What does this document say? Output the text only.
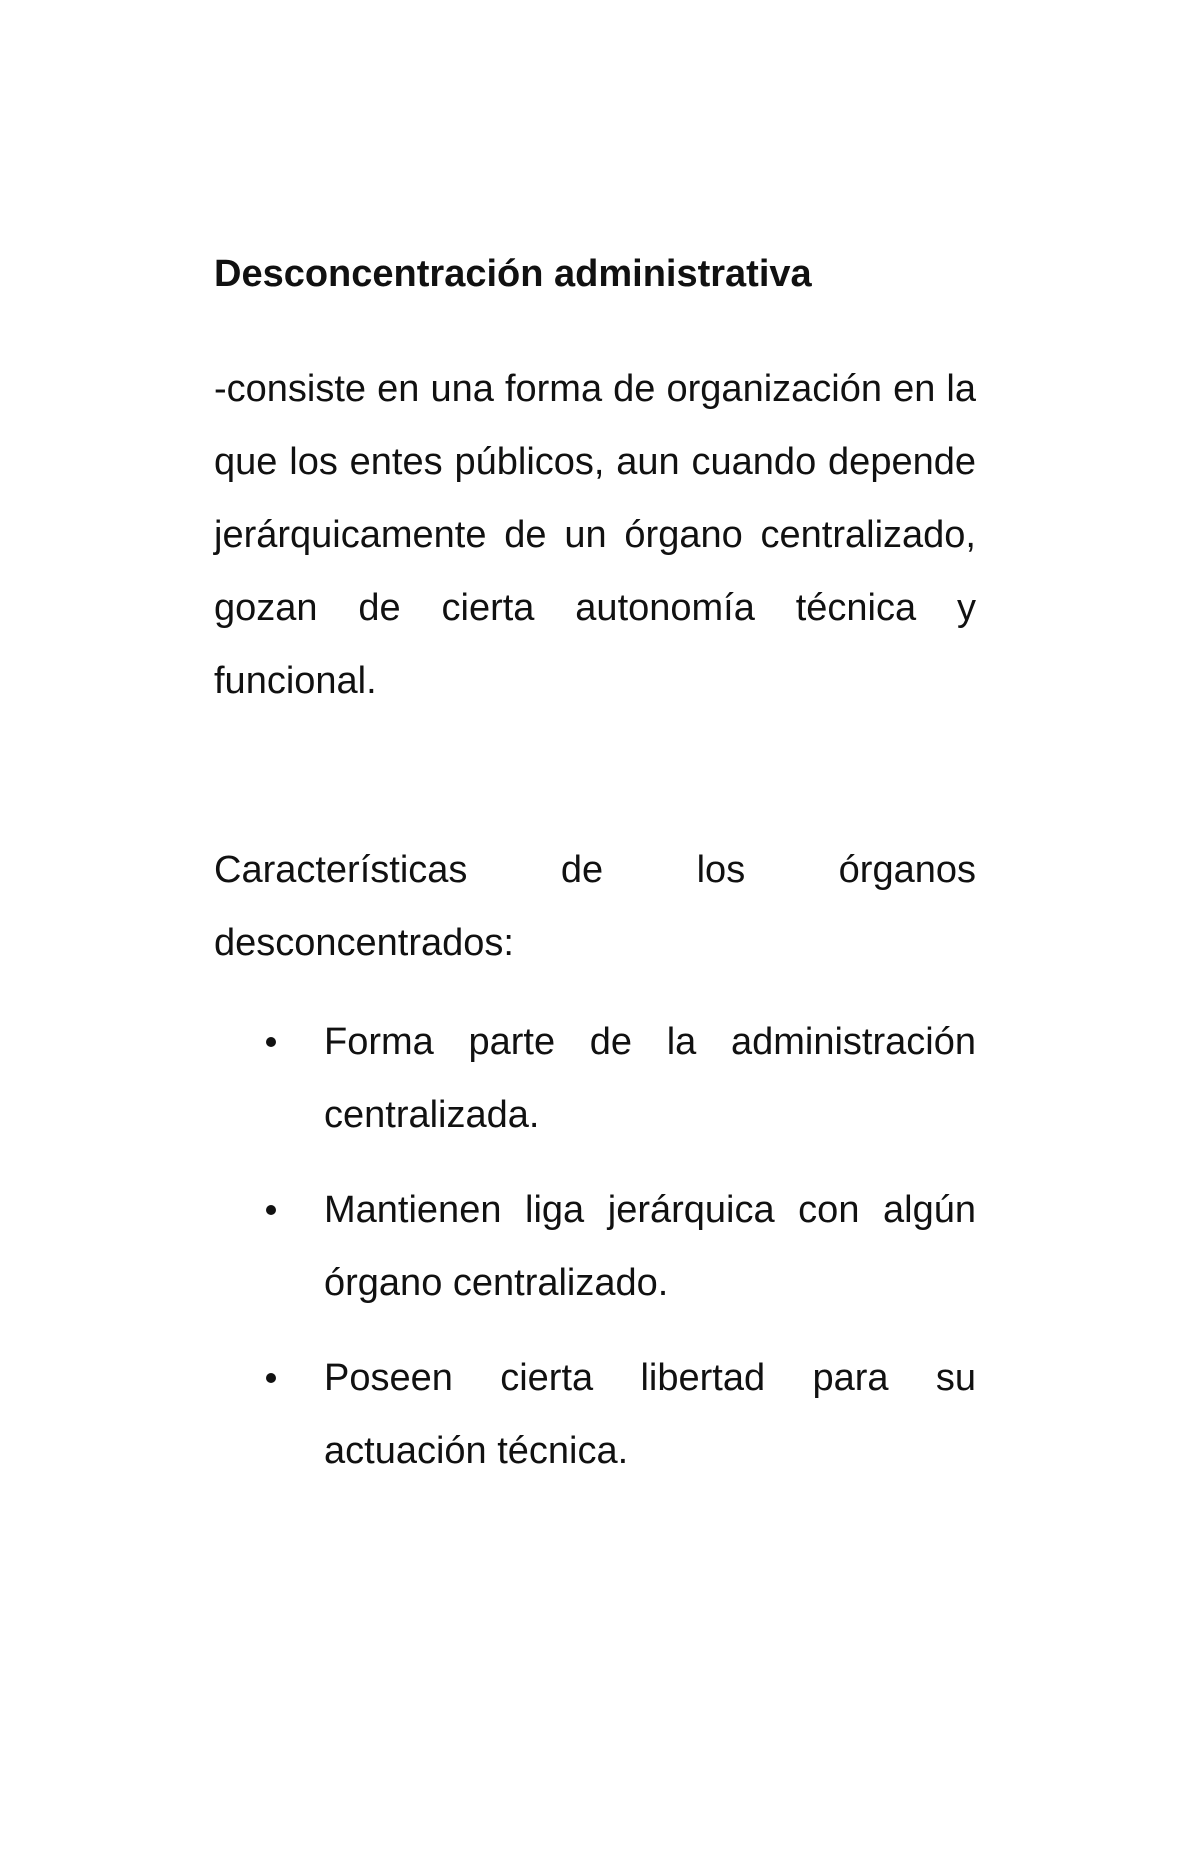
Desconcentración administrativa

-consiste en una forma de organización en la que los entes públicos, aun cuando depende jerárquicamente de un órgano centralizado, gozan de cierta autonomía técnica y funcional.

Características de los órganos desconcentrados:

Forma parte de la administración centralizada.
Mantienen liga jerárquica con algún órgano centralizado.
Poseen cierta libertad para su actuación técnica.
